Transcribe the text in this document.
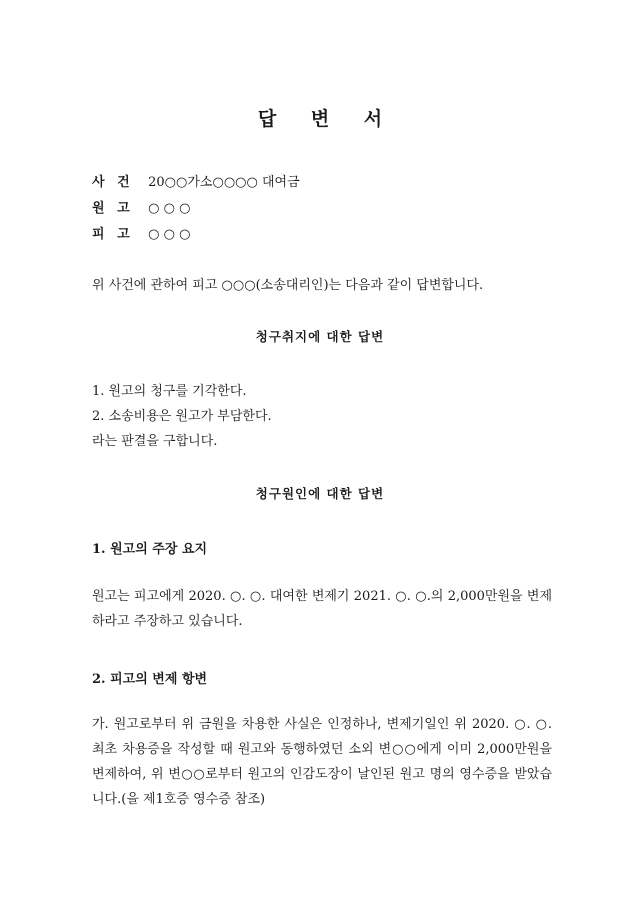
답 변 서
사 건 20○○가소○○○○ 대여금
원 고 ○ ○ ○
피 고 ○ ○ ○
위 사건에 관하여 피고 ○○○(소송대리인)는 다음과 같이 답변합니다.
청구취지에 대한 답변
1. 원고의 청구를 기각한다.
2. 소송비용은 원고가 부담한다.
라는 판결을 구합니다.
청구원인에 대한 답변
1. 원고의 주장 요지
원고는 피고에게 2020. ○. ○. 대여한 변제기 2021. ○. ○.의 2,000만원을 변제하라고 주장하고 있습니다.
2. 피고의 변제 항변
가. 원고로부터 위 금원을 차용한 사실은 인정하나, 변제기일인 위 2020. ○. ○. 최초 차용증을 작성할 때 원고와 동행하였던 소외 변○○에게 이미 2,000만원을 변제하여, 위 변○○로부터 원고의 인감도장이 날인된 원고 명의 영수증을 받았습니다.(을 제1호증 영수증 참조)
